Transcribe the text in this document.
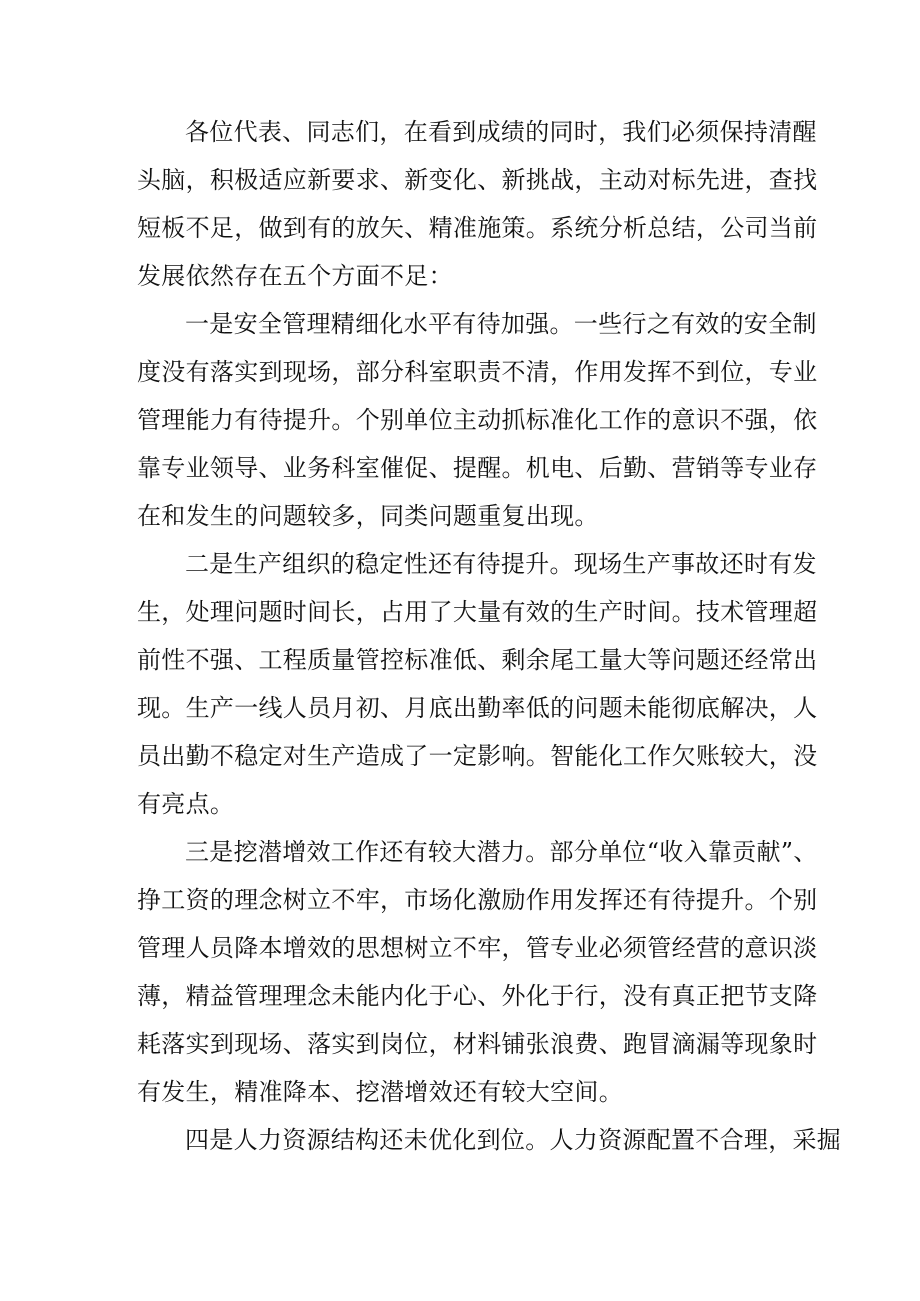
各位代表、同志们，在看到成绩的同时，我们必须保持清醒
头脑，积极适应新要求、新变化、新挑战，主动对标先进，查找
短板不足，做到有的放矢、精准施策。系统分析总结，公司当前
发展依然存在五个方面不足：
一是安全管理精细化水平有待加强。一些行之有效的安全制
度没有落实到现场，部分科室职责不清，作用发挥不到位，专业
管理能力有待提升。个别单位主动抓标准化工作的意识不强，依
靠专业领导、业务科室催促、提醒。机电、后勤、营销等专业存
在和发生的问题较多，同类问题重复出现。
二是生产组织的稳定性还有待提升。现场生产事故还时有发
生，处理问题时间长，占用了大量有效的生产时间。技术管理超
前性不强、工程质量管控标准低、剩余尾工量大等问题还经常出
现。生产一线人员月初、月底出勤率低的问题未能彻底解决，人
员出勤不稳定对生产造成了一定影响。智能化工作欠账较大，没
有亮点。
三是挖潜增效工作还有较大潜力。部分单位“收入靠贡献”、
挣工资的理念树立不牢，市场化激励作用发挥还有待提升。个别
管理人员降本增效的思想树立不牢，管专业必须管经营的意识淡
薄，精益管理理念未能内化于心、外化于行，没有真正把节支降
耗落实到现场、落实到岗位，材料铺张浪费、跑冒滴漏等现象时
有发生，精准降本、挖潜增效还有较大空间。
四是人力资源结构还未优化到位。人力资源配置不合理，采掘
